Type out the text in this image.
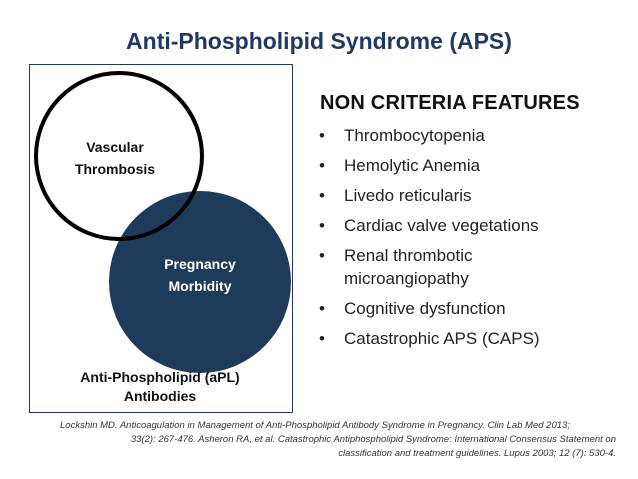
Anti-Phospholipid Syndrome (APS)
Vascular
Thrombosis
Pregnancy
Morbidity
Anti-Phospholipid (aPL)
Antibodies
NON CRITERIA FEATURES
• Thrombocytopenia
• Hemolytic Anemia
• Livedo reticularis
• Cardiac valve vegetations
• Renal thrombotic
microangiopathy
• Cognitive dysfunction
• Catastrophic APS (CAPS)
Lockshin MD. Anticoagulation in Management of Anti-Phospholipid Antibody Syndrome in Pregnancy. Clin Lab Med 2013;
33(2): 267-476. Asheron RA, et al. Catastrophic Antiphospholipid Syndrome: International Consensus Statement on
classification and treatment guidelines. Lupus 2003; 12 (7): 530-4.
